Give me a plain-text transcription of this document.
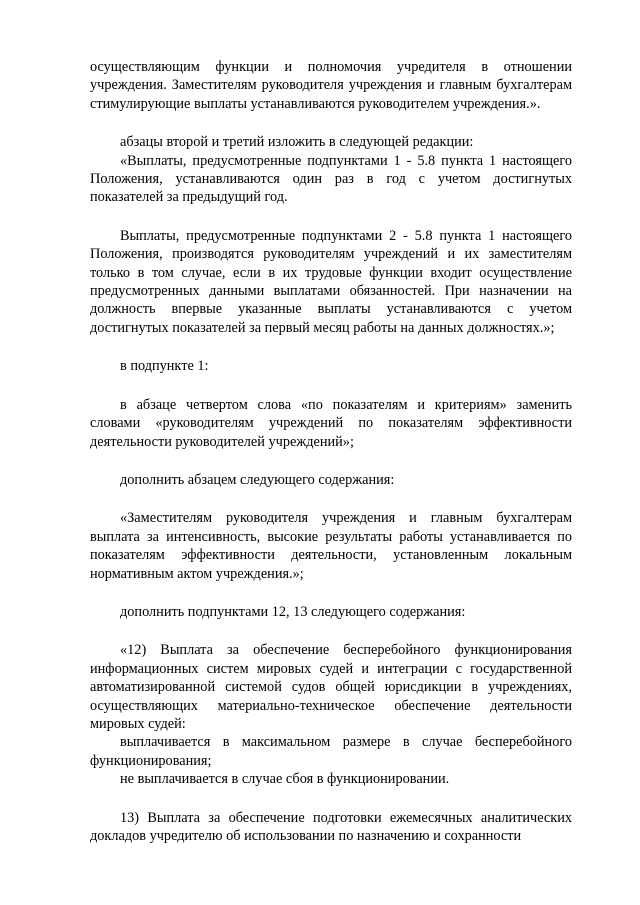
осуществляющим функции и полномочия учредителя в отношении учреждения. Заместителям руководителя учреждения и главным бухгалтерам стимулирующие выплаты устанавливаются руководителем учреждения.».

абзацы второй и третий изложить в следующей редакции:

«Выплаты, предусмотренные подпунктами 1 - 5.8 пункта 1 настоящего Положения, устанавливаются один раз в год с учетом достигнутых показателей за предыдущий год.

Выплаты, предусмотренные подпунктами 2 - 5.8 пункта 1 настоящего Положения, производятся руководителям учреждений и их заместителям только в том случае, если в их трудовые функции входит осуществление предусмотренных данными выплатами обязанностей. При назначении на должность впервые указанные выплаты устанавливаются с учетом достигнутых показателей за первый месяц работы на данных должностях.»;

в подпункте 1:

в абзаце четвертом слова «по показателям и критериям» заменить словами «руководителям учреждений по показателям эффективности деятельности руководителей учреждений»;

дополнить абзацем следующего содержания:

«Заместителям руководителя учреждения и главным бухгалтерам выплата за интенсивность, высокие результаты работы устанавливается по показателям эффективности деятельности, установленным локальным нормативным актом учреждения.»;

дополнить подпунктами 12, 13 следующего содержания:

«12) Выплата за обеспечение бесперебойного функционирования информационных систем мировых судей и интеграции с государственной автоматизированной системой судов общей юрисдикции в учреждениях, осуществляющих материально-техническое обеспечение деятельности мировых судей:

выплачивается в максимальном размере в случае бесперебойного функционирования;

не выплачивается в случае сбоя в функционировании.

13) Выплата за обеспечение подготовки ежемесячных аналитических докладов учредителю об использовании по назначению и сохранности
